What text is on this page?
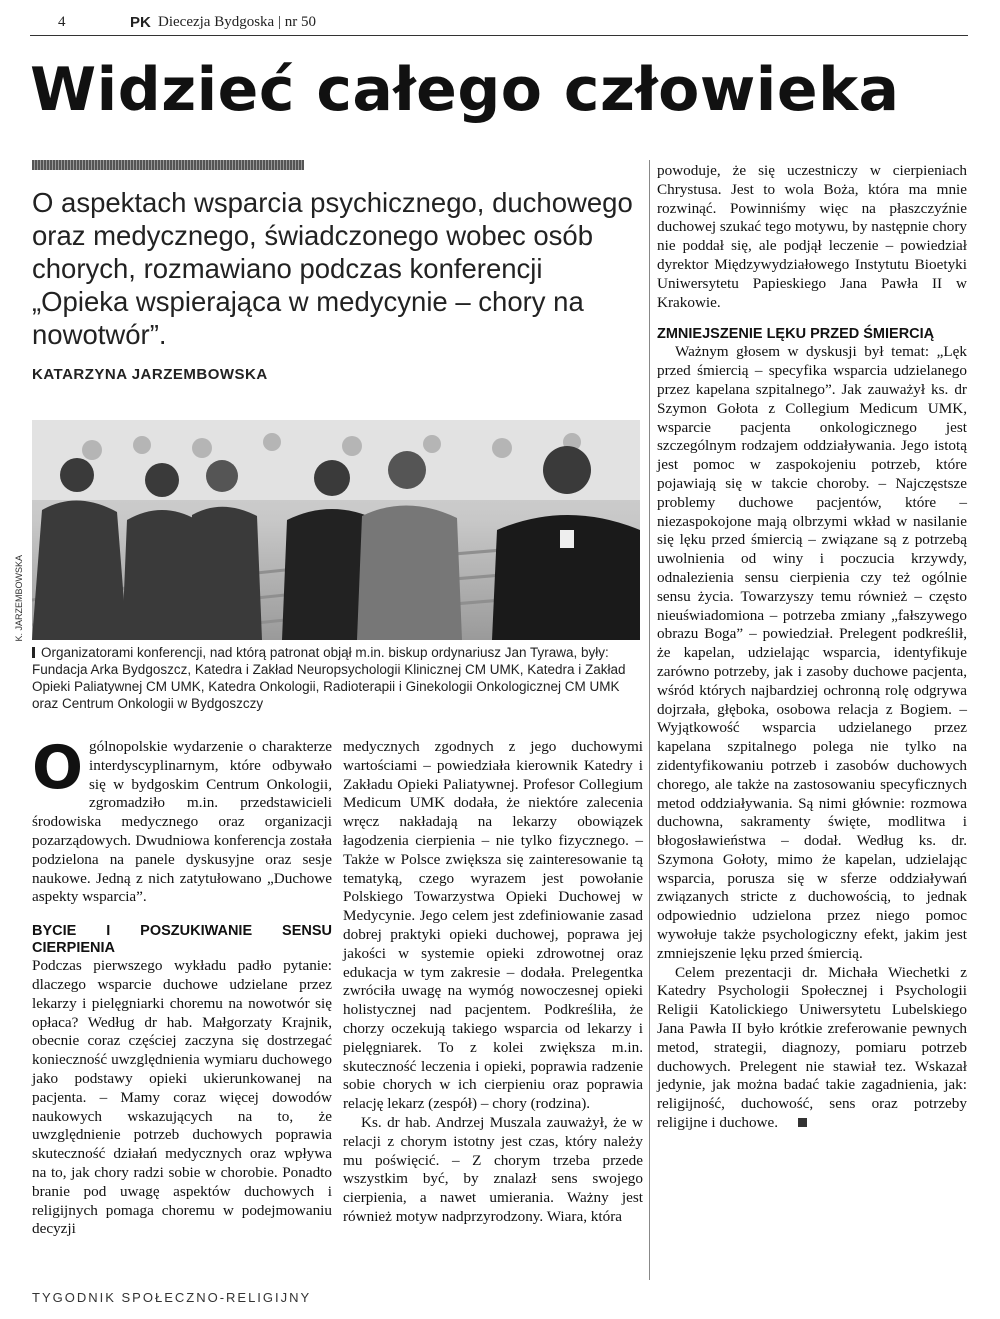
4	PK Diecezja Bydgoska | nr 50
Widzieć całego człowieka
O aspektach wsparcia psychicznego, duchowego oraz medycznego, świadczonego wobec osób chorych, rozmawiano podczas konferencji „Opieka wspierająca w medycynie – chory na nowotwór”.
KATARZYNA JARZEMBOWSKA
K. JARZEMBOWSKA
Organizatorami konferencji, nad którą patronat objął m.in. biskup ordynariusz Jan Tyrawa, były: Fundacja Arka Bydgoszcz, Katedra i Zakład Neuropsychologii Klinicznej CM UMK, Katedra i Zakład Opieki Paliatywnej CM UMK, Katedra Onkologii, Radioterapii i Ginekologii Onkologicznej CM UMK oraz Centrum Onkologii w Bydgoszczy

Ogólnopolskie wydarzenie o charakterze interdyscyplinarnym, które odbywało się w bydgoskim Centrum Onkologii, zgromadziło m.in. przedstawicieli środowiska medycznego oraz organizacji pozarządowych. Dwudniowa konferencja została podzielona na panele dyskusyjne oraz sesje naukowe. Jedną z nich zatytułowano „Duchowe aspekty wsparcia”.

BYCIE I POSZUKIWANIE SENSU CIERPIENIA

Podczas pierwszego wykładu padło pytanie: dlaczego wsparcie duchowe udzielane przez lekarzy i pielęgniarki choremu na nowotwór się opłaca? Według dr hab. Małgorzaty Krajnik, obecnie coraz częściej zaczyna się dostrzegać konieczność uwzględnienia wymiaru duchowego jako podstawy opieki ukierunkowanej na pacjenta. – Mamy coraz więcej dowodów naukowych wskazujących na to, że uwzględnienie potrzeb duchowych poprawia skuteczność działań medycznych oraz wpływa na to, jak chory radzi sobie w chorobie. Ponadto branie pod uwagę aspektów duchowych i religijnych pomaga choremu w podejmowaniu decyzji

medycznych zgodnych z jego duchowymi wartościami – powiedziała kierownik Katedry i Zakładu Opieki Paliatywnej. Profesor Collegium Medicum UMK dodała, że niektóre zalecenia wręcz nakładają na lekarzy obowiązek łagodzenia cierpienia – nie tylko fizycznego. – Także w Polsce zwiększa się zainteresowanie tą tematyką, czego wyrazem jest powołanie Polskiego Towarzystwa Opieki Duchowej w Medycynie. Jego celem jest zdefiniowanie zasad dobrej praktyki opieki duchowej, poprawa jej jakości w systemie opieki zdrowotnej oraz edukacja w tym zakresie – dodała. Prelegentka zwróciła uwagę na wymóg nowoczesnej opieki holistycznej nad pacjentem. Podkreśliła, że chorzy oczekują takiego wsparcia od lekarzy i pielęgniarek. To z kolei zwiększa m.in. skuteczność leczenia i opieki, poprawia radzenie sobie chorych w ich cierpieniu oraz poprawia relację lekarz (zespół) – chory (rodzina).

Ks. dr hab. Andrzej Muszala zauważył, że w relacji z chorym istotny jest czas, który należy mu poświęcić. – Z chorym trzeba przede wszystkim być, by znalazł sens swojego cierpienia, a nawet umierania. Ważny jest również motyw nadprzyrodzony. Wiara, która

powoduje, że się uczestniczy w cierpieniach Chrystusa. Jest to wola Boża, która ma mnie rozwinąć. Powinniśmy więc na płaszczyźnie duchowej szukać tego motywu, by następnie chory nie poddał się, ale podjął leczenie – powiedział dyrektor Międzywydziałowego Instytutu Bioetyki Uniwersytetu Papieskiego Jana Pawła II w Krakowie.

ZMNIEJSZENIE LĘKU PRZED ŚMIERCIĄ

Ważnym głosem w dyskusji był temat: „Lęk przed śmiercią – specyfika wsparcia udzielanego przez kapelana szpitalnego”. Jak zauważył ks. dr Szymon Gołota z Collegium Medicum UMK, wsparcie pacjenta onkologicznego jest szczególnym rodzajem oddziaływania. Jego istotą jest pomoc w zaspokojeniu potrzeb, które pojawiają się w takcie choroby. – Najczęstsze problemy duchowe pacjentów, które – niezaspokojone mają olbrzymi wkład w nasilanie się lęku przed śmiercią – związane są z potrzebą uwolnienia od winy i poczucia krzywdy, odnalezienia sensu cierpienia czy też ogólnie sensu życia. Towarzyszy temu również – często nieuświadomiona – potrzeba zmiany „fałszywego obrazu Boga” – powiedział. Prelegent podkreślił, że kapelan, udzielając wsparcia, identyfikuje zarówno potrzeby, jak i zasoby duchowe pacjenta, wśród których najbardziej ochronną rolę odgrywa dojrzała, głęboka, osobowa relacja z Bogiem. – Wyjątkowość wsparcia udzielanego przez kapelana szpitalnego polega nie tylko na zidentyfikowaniu potrzeb i zasobów duchowych chorego, ale także na zastosowaniu specyficznych metod oddziaływania. Są nimi głównie: rozmowa duchowna, sakramenty święte, modlitwa i błogosławieństwa – dodał. Według ks. dr. Szymona Gołoty, mimo że kapelan, udzielając wsparcia, porusza się w sferze oddziaływań związanych stricte z duchowością, to jednak odpowiednio udzielona przez niego pomoc wywołuje także psychologiczny efekt, jakim jest zmniejszenie lęku przed śmiercią.

Celem prezentacji dr. Michała Wiechetki z Katedry Psychologii Społecznej i Psychologii Religii Katolickiego Uniwersytetu Lubelskiego Jana Pawła II było krótkie zreferowanie pewnych metod, strategii, diagnozy, pomiaru potrzeb duchowych. Prelegent nie stawiał tez. Wskazał jedynie, jak można badać takie zagadnienia, jak: religijność, duchowość, sens oraz potrzeby religijne i duchowe.

TYGODNIK SPOŁECZNO-RELIGIJNY
